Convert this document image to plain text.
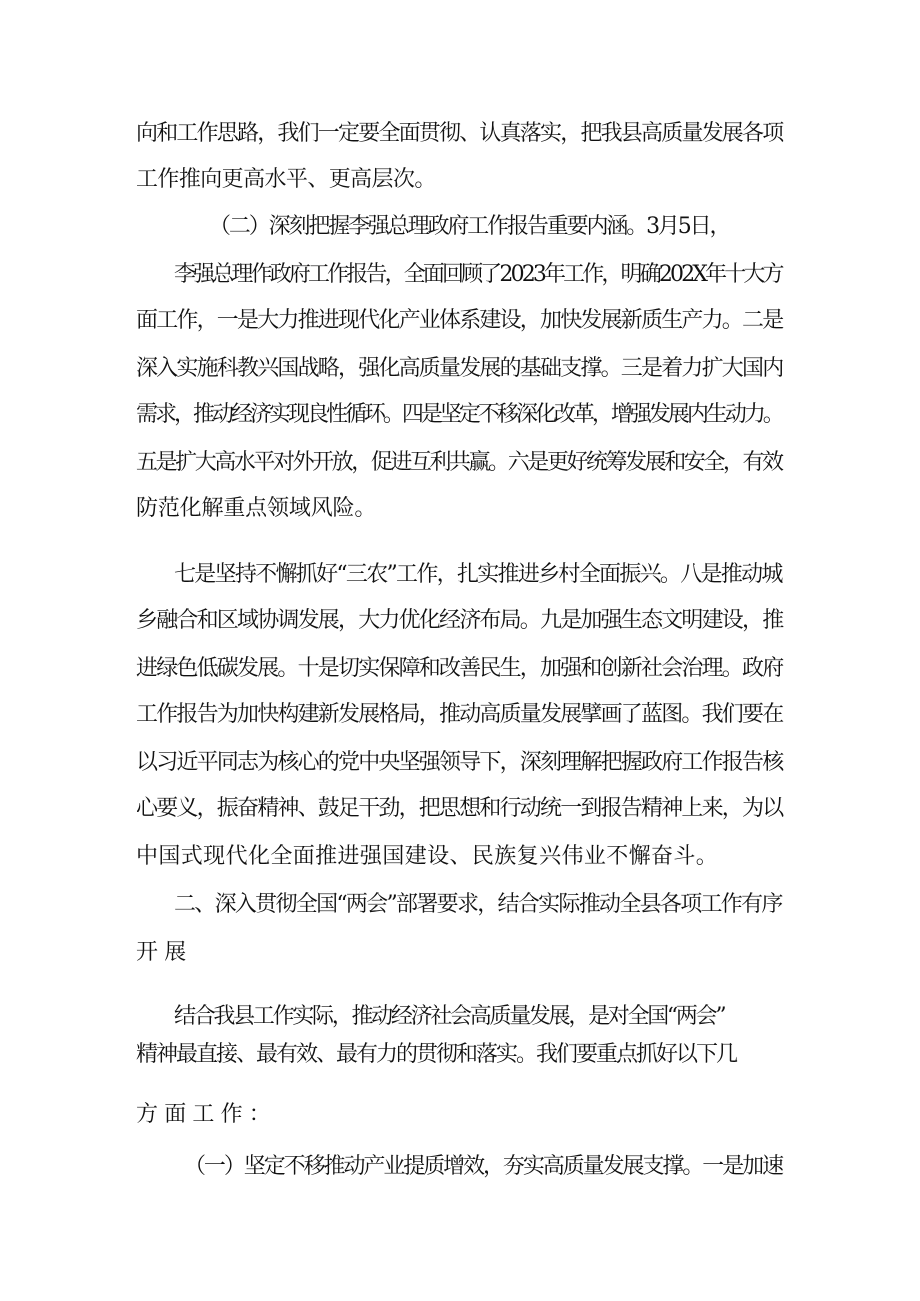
向和工作思路，我们一定要全面贯彻、认真落实，把我县高质量发展各项
工作推向更高水平、更高层次。
（二）深刻把握李强总理政府工作报告重要内涵。3月5日，
李强总理作政府工作报告，全面回顾了2023年工作，明确202X年十大方
面工作，一是大力推进现代化产业体系建设，加快发展新质生产力。二是
深入实施科教兴国战略，强化高质量发展的基础支撑。三是着力扩大国内
需求，推动经济实现良性循环。四是坚定不移深化改革，增强发展内生动力。
五是扩大高水平对外开放，促进互利共赢。六是更好统筹发展和安全，有效
防范化解重点领域风险。
七是坚持不懈抓好“三农”工作，扎实推进乡村全面振兴。八是推动城
乡融合和区域协调发展，大力优化经济布局。九是加强生态文明建设，推
进绿色低碳发展。十是切实保障和改善民生，加强和创新社会治理。政府
工作报告为加快构建新发展格局，推动高质量发展擘画了蓝图。我们要在
以习近平同志为核心的党中央坚强领导下，深刻理解把握政府工作报告核
心要义，振奋精神、鼓足干劲，把思想和行动统一到报告精神上来，为以
中国式现代化全面推进强国建设、民族复兴伟业不懈奋斗。
二、深入贯彻全国“两会”部署要求，结合实际推动全县各项工作有序
开展
结合我县工作实际，推动经济社会高质量发展，是对全国“两会”
精神最直接、最有效、最有力的贯彻和落实。我们要重点抓好以下几
方面工作：
（一）坚定不移推动产业提质增效，夯实高质量发展支撑。一是加速
